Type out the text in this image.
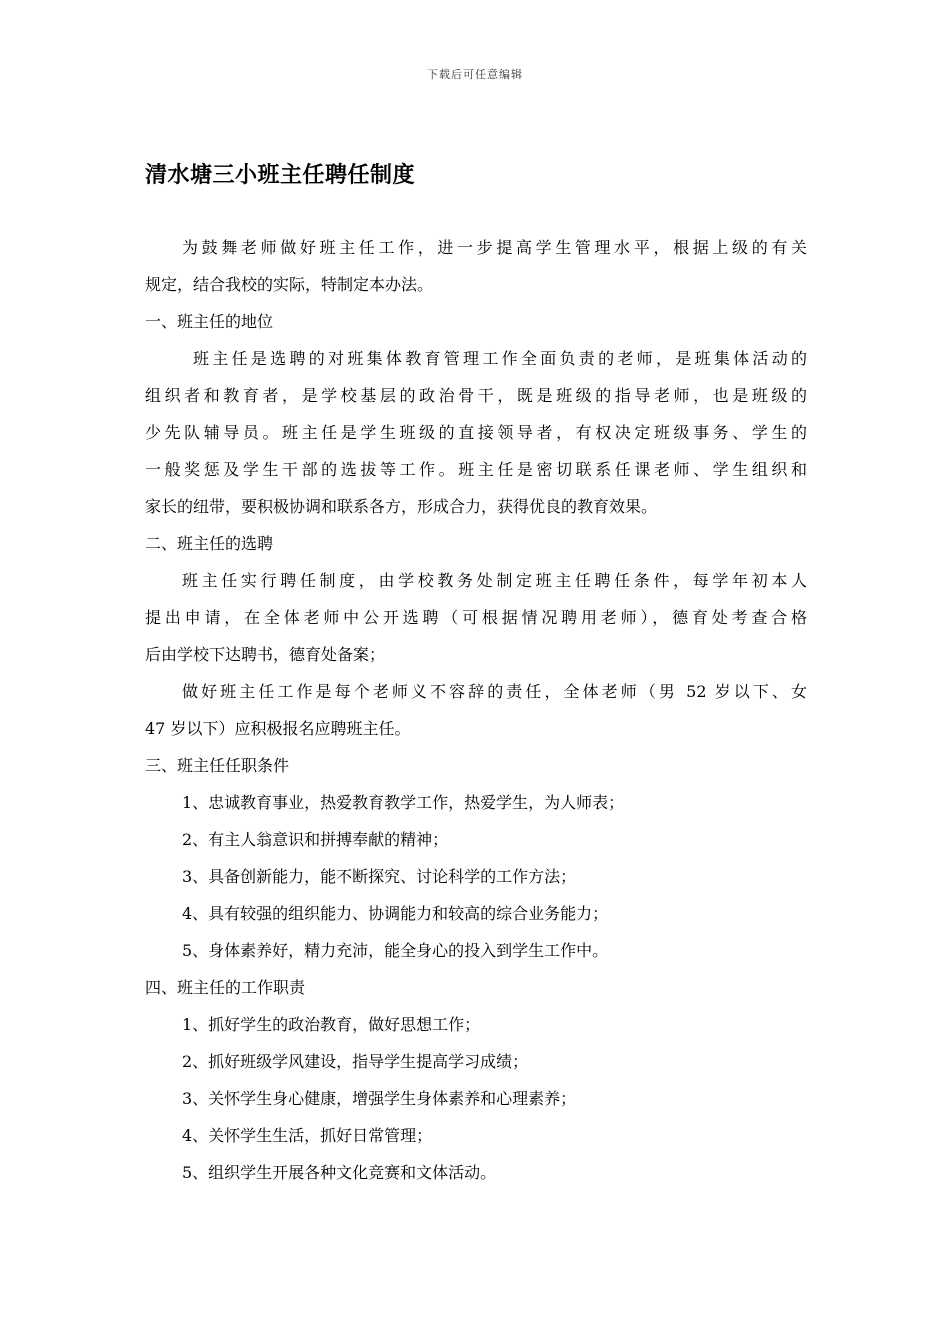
下载后可任意编辑
清水塘三小班主任聘任制度
为鼓舞老师做好班主任工作，进一步提高学生管理水平，根据上级的有关
规定，结合我校的实际，特制定本办法。
一、班主任的地位
班主任是选聘的对班集体教育管理工作全面负责的老师，是班集体活动的
组织者和教育者，是学校基层的政治骨干，既是班级的指导老师，也是班级的
少先队辅导员。班主任是学生班级的直接领导者，有权决定班级事务、学生的
一般奖惩及学生干部的选拔等工作。班主任是密切联系任课老师、学生组织和
家长的纽带，要积极协调和联系各方，形成合力，获得优良的教育效果。
二、班主任的选聘
班主任实行聘任制度，由学校教务处制定班主任聘任条件，每学年初本人
提出申请，在全体老师中公开选聘（可根据情况聘用老师），德育处考查合格
后由学校下达聘书，德育处备案；
做好班主任工作是每个老师义不容辞的责任，全体老师（男 52 岁以下、女
47 岁以下）应积极报名应聘班主任。
三、班主任任职条件
1、忠诚教育事业，热爱教育教学工作，热爱学生，为人师表；
2、有主人翁意识和拼搏奉献的精神；
3、具备创新能力，能不断探究、讨论科学的工作方法；
4、具有较强的组织能力、协调能力和较高的综合业务能力；
5、身体素养好，精力充沛，能全身心的投入到学生工作中。
四、班主任的工作职责
1、抓好学生的政治教育，做好思想工作；
2、抓好班级学风建设，指导学生提高学习成绩；
3、关怀学生身心健康，增强学生身体素养和心理素养；
4、关怀学生生活，抓好日常管理；
5、组织学生开展各种文化竞赛和文体活动。
